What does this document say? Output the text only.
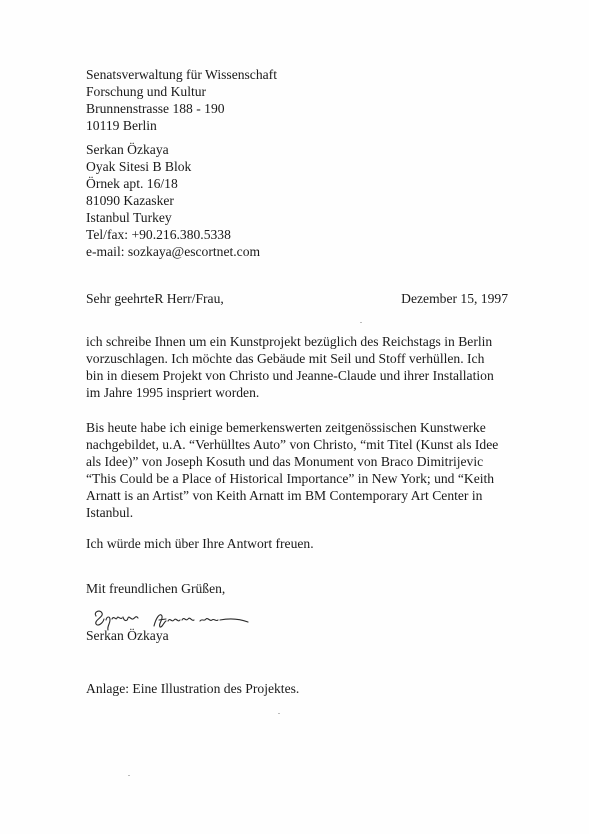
Senatsverwaltung für Wissenschaft
Forschung und Kultur
Brunnenstrasse 188 - 190
10119 Berlin
Serkan Özkaya
Oyak Sitesi B Blok
Örnek apt. 16/18
81090 Kazasker
Istanbul Turkey
Tel/fax: +90.216.380.5338
e-mail: sozkaya@escortnet.com
Sehr geehrteR Herr/Frau,	Dezember 15, 1997
ich schreibe Ihnen um ein Kunstprojekt bezüglich des Reichstags in Berlin
vorzuschlagen. Ich möchte das Gebäude mit Seil und Stoff verhüllen. Ich
bin in diesem Projekt von Christo und Jeanne-Claude und ihrer Installation
im Jahre 1995 inspriert worden.
Bis heute habe ich einige bemerkenswerten zeitgenössischen Kunstwerke
nachgebildet, u.A. “Verhülltes Auto” von Christo, “mit Titel (Kunst als Idee
als Idee)” von Joseph Kosuth und das Monument von Braco Dimitrijevic
“This Could be a Place of Historical Importance” in New York; und “Keith
Arnatt is an Artist” von Keith Arnatt im BM Contemporary Art Center in
Istanbul.
Ich würde mich über Ihre Antwort freuen.
Mit freundlichen Grüßen,
Serkan Özkaya
Anlage: Eine Illustration des Projektes.
